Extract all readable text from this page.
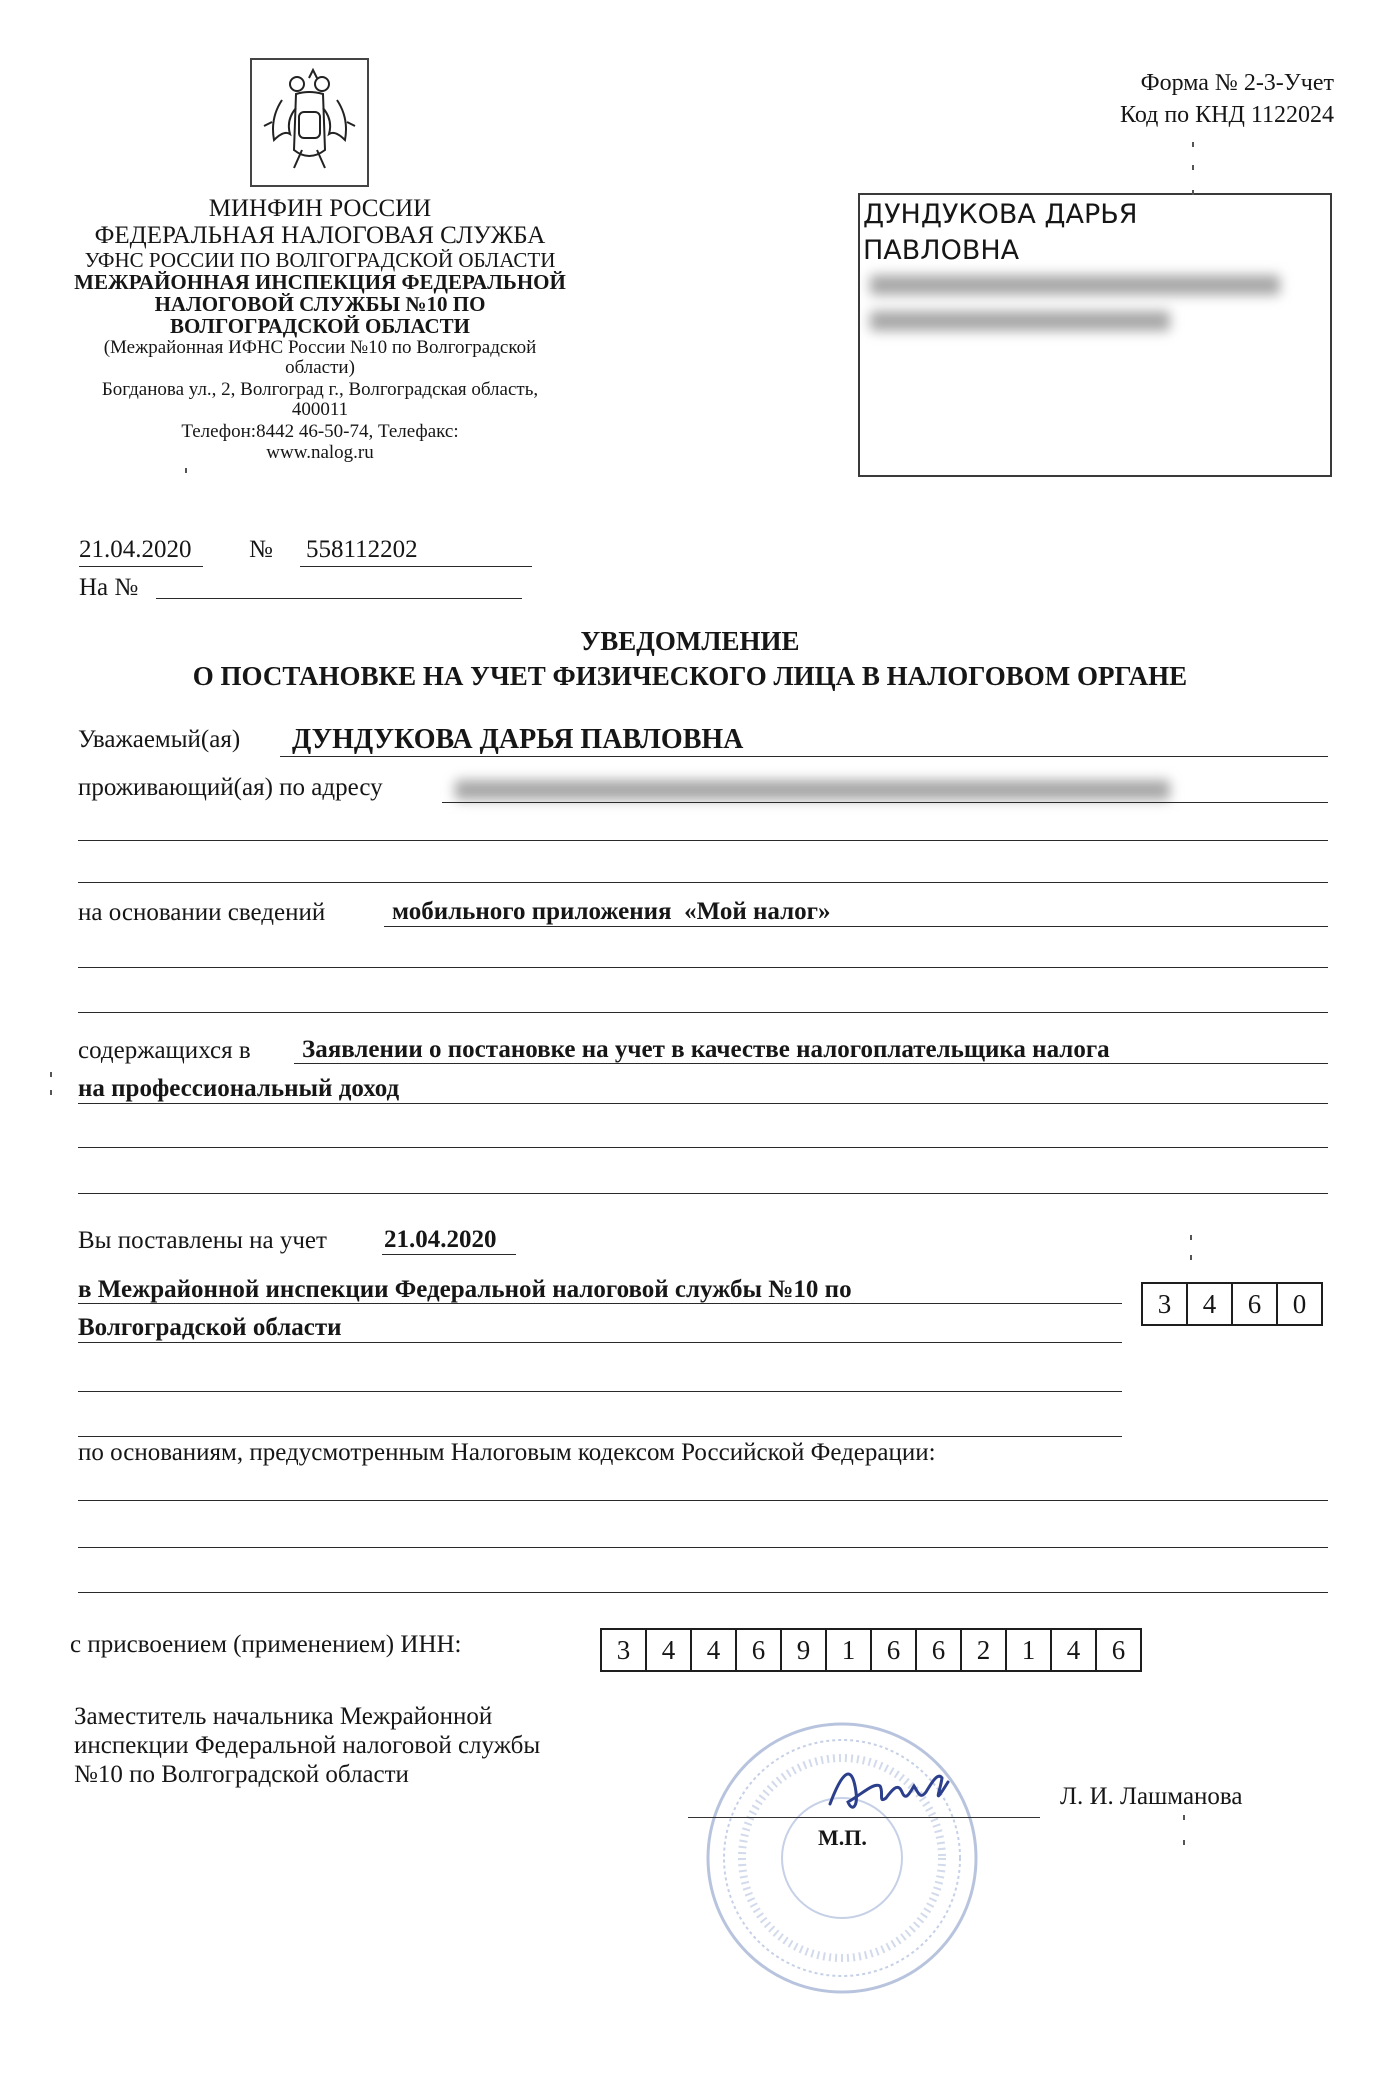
Форма № 2-3-Учет
Код по КНД 1122024
МИНФИН РОССИИ
ФЕДЕРАЛЬНАЯ НАЛОГОВАЯ СЛУЖБА
УФНС РОССИИ ПО ВОЛГОГРАДСКОЙ ОБЛАСТИ
МЕЖРАЙОННАЯ ИНСПЕКЦИЯ ФЕДЕРАЛЬНОЙ
НАЛОГОВОЙ СЛУЖБЫ №10 ПО
ВОЛГОГРАДСКОЙ ОБЛАСТИ
(Межрайонная ИФНС России №10 по Волгоградской
области)
Богданова ул., 2, Волгоград г., Волгоградская область,
400011
Телефон:8442 46-50-74, Телефакс:
www.nalog.ru
ДУНДУКОВА ДАРЬЯ
ПАВЛОВНА
21.04.2020 № 558112202
На №
УВЕДОМЛЕНИЕ
О ПОСТАНОВКЕ НА УЧЕТ ФИЗИЧЕСКОГО ЛИЦА В НАЛОГОВОМ ОРГАНЕ
Уважаемый(ая) ДУНДУКОВА ДАРЬЯ ПАВЛОВНА
проживающий(ая) по адресу
на основании сведений	мобильного приложения  «Мой налог»
содержащихся в Заявлении о постановке на учет в качестве налогоплательщика налога
на профессиональный доход
Вы поставлены на учет 21.04.2020
в Межрайонной инспекции Федеральной налоговой службы №10 по
Волгоградской области
3	4	6	0
по основаниям, предусмотренным Налоговым кодексом Российской Федерации:
с присвоением (применением) ИНН:	3	4	4	6	9	1	6	6	2	1	4	6
Заместитель начальника Межрайонной
инспекции Федеральной налоговой службы
№10 по Волгоградской области
М.П.
Л. И. Лашманова
